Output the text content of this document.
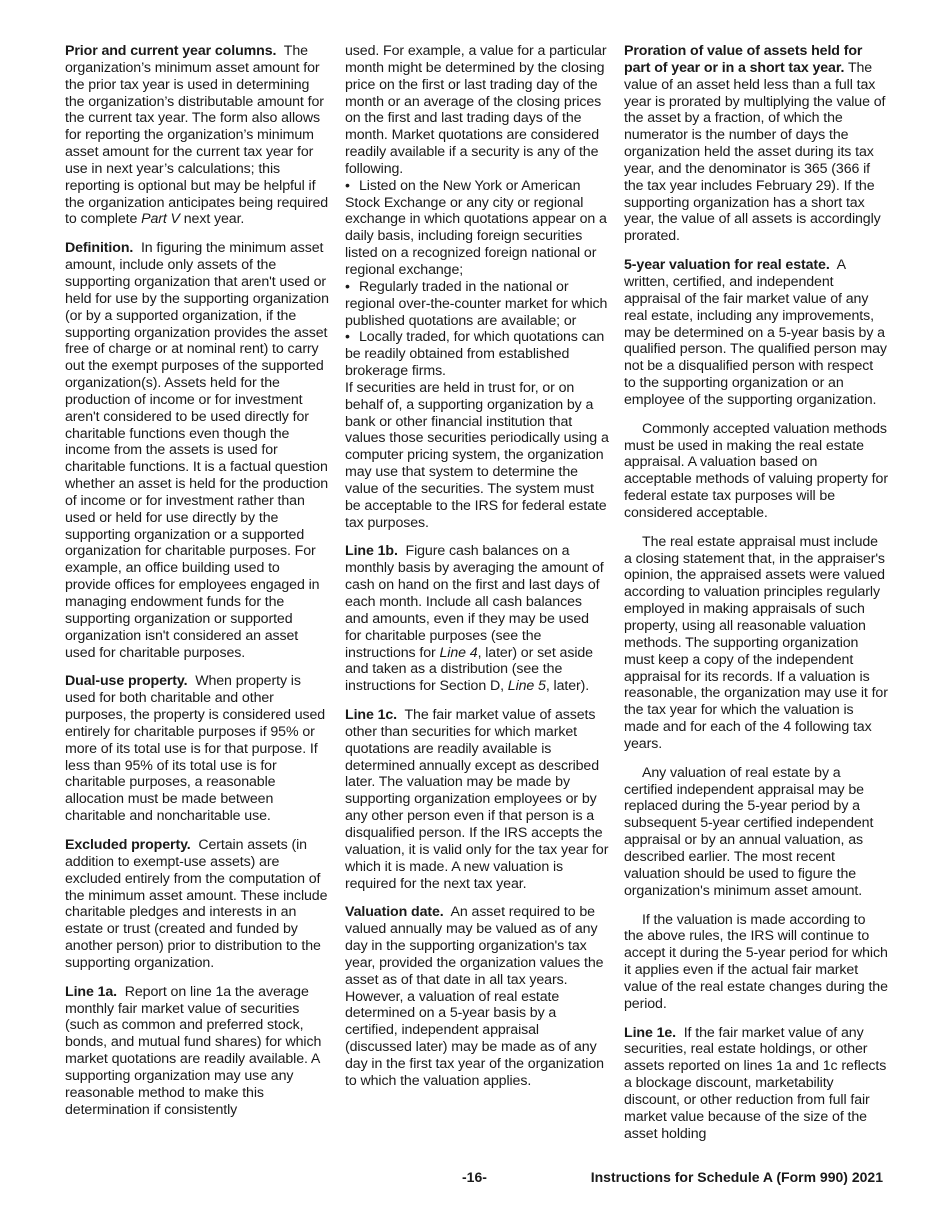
Prior and current year columns. The organization’s minimum asset amount for the prior tax year is used in determining the organization’s distributable amount for the current tax year. The form also allows for reporting the organization’s minimum asset amount for the current tax year for use in next year’s calculations; this reporting is optional but may be helpful if the organization anticipates being required to complete Part V next year.

Definition. In figuring the minimum asset amount, include only assets of the supporting organization that aren't used or held for use by the supporting organization (or by a supported organization, if the supporting organization provides the asset free of charge or at nominal rent) to carry out the exempt purposes of the supported organization(s). Assets held for the production of income or for investment aren't considered to be used directly for charitable functions even though the income from the assets is used for charitable functions. It is a factual question whether an asset is held for the production of income or for investment rather than used or held for use directly by the supporting organization or a supported organization for charitable purposes. For example, an office building used to provide offices for employees engaged in managing endowment funds for the supporting organization or supported organization isn't considered an asset used for charitable purposes.

Dual-use property. When property is used for both charitable and other purposes, the property is considered used entirely for charitable purposes if 95% or more of its total use is for that purpose. If less than 95% of its total use is for charitable purposes, a reasonable allocation must be made between charitable and noncharitable use.

Excluded property. Certain assets (in addition to exempt-use assets) are excluded entirely from the computation of the minimum asset amount. These include charitable pledges and interests in an estate or trust (created and funded by another person) prior to distribution to the supporting organization.

Line 1a. Report on line 1a the average monthly fair market value of securities (such as common and preferred stock, bonds, and mutual fund shares) for which market quotations are readily available. A supporting organization may use any reasonable method to make this determination if consistently

used. For example, a value for a particular month might be determined by the closing price on the first or last trading day of the month or an average of the closing prices on the first and last trading days of the month. Market quotations are considered readily available if a security is any of the following.

• Listed on the New York or American Stock Exchange or any city or regional exchange in which quotations appear on a daily basis, including foreign securities listed on a recognized foreign national or regional exchange;

• Regularly traded in the national or regional over-the-counter market for which published quotations are available; or

• Locally traded, for which quotations can be readily obtained from established brokerage firms.

If securities are held in trust for, or on behalf of, a supporting organization by a bank or other financial institution that values those securities periodically using a computer pricing system, the organization may use that system to determine the value of the securities. The system must be acceptable to the IRS for federal estate tax purposes.

Line 1b. Figure cash balances on a monthly basis by averaging the amount of cash on hand on the first and last days of each month. Include all cash balances and amounts, even if they may be used for charitable purposes (see the instructions for Line 4, later) or set aside and taken as a distribution (see the instructions for Section D, Line 5, later).

Line 1c. The fair market value of assets other than securities for which market quotations are readily available is determined annually except as described later. The valuation may be made by supporting organization employees or by any other person even if that person is a disqualified person. If the IRS accepts the valuation, it is valid only for the tax year for which it is made. A new valuation is required for the next tax year.

Valuation date. An asset required to be valued annually may be valued as of any day in the supporting organization's tax year, provided the organization values the asset as of that date in all tax years. However, a valuation of real estate determined on a 5-year basis by a certified, independent appraisal (discussed later) may be made as of any day in the first tax year of the organization to which the valuation applies.

Proration of value of assets held for part of year or in a short tax year. The value of an asset held less than a full tax year is prorated by multiplying the value of the asset by a fraction, of which the numerator is the number of days the organization held the asset during its tax year, and the denominator is 365 (366 if the tax year includes February 29). If the supporting organization has a short tax year, the value of all assets is accordingly prorated.

5-year valuation for real estate. A written, certified, and independent appraisal of the fair market value of any real estate, including any improvements, may be determined on a 5-year basis by a qualified person. The qualified person may not be a disqualified person with respect to the supporting organization or an employee of the supporting organization.

Commonly accepted valuation methods must be used in making the real estate appraisal. A valuation based on acceptable methods of valuing property for federal estate tax purposes will be considered acceptable.

The real estate appraisal must include a closing statement that, in the appraiser's opinion, the appraised assets were valued according to valuation principles regularly employed in making appraisals of such property, using all reasonable valuation methods. The supporting organization must keep a copy of the independent appraisal for its records. If a valuation is reasonable, the organization may use it for the tax year for which the valuation is made and for each of the 4 following tax years.

Any valuation of real estate by a certified independent appraisal may be replaced during the 5-year period by a subsequent 5-year certified independent appraisal or by an annual valuation, as described earlier. The most recent valuation should be used to figure the organization's minimum asset amount.

If the valuation is made according to the above rules, the IRS will continue to accept it during the 5-year period for which it applies even if the actual fair market value of the real estate changes during the period.

Line 1e. If the fair market value of any securities, real estate holdings, or other assets reported on lines 1a and 1c reflects a blockage discount, marketability discount, or other reduction from full fair market value because of the size of the asset holding

-16-	Instructions for Schedule A (Form 990) 2021
